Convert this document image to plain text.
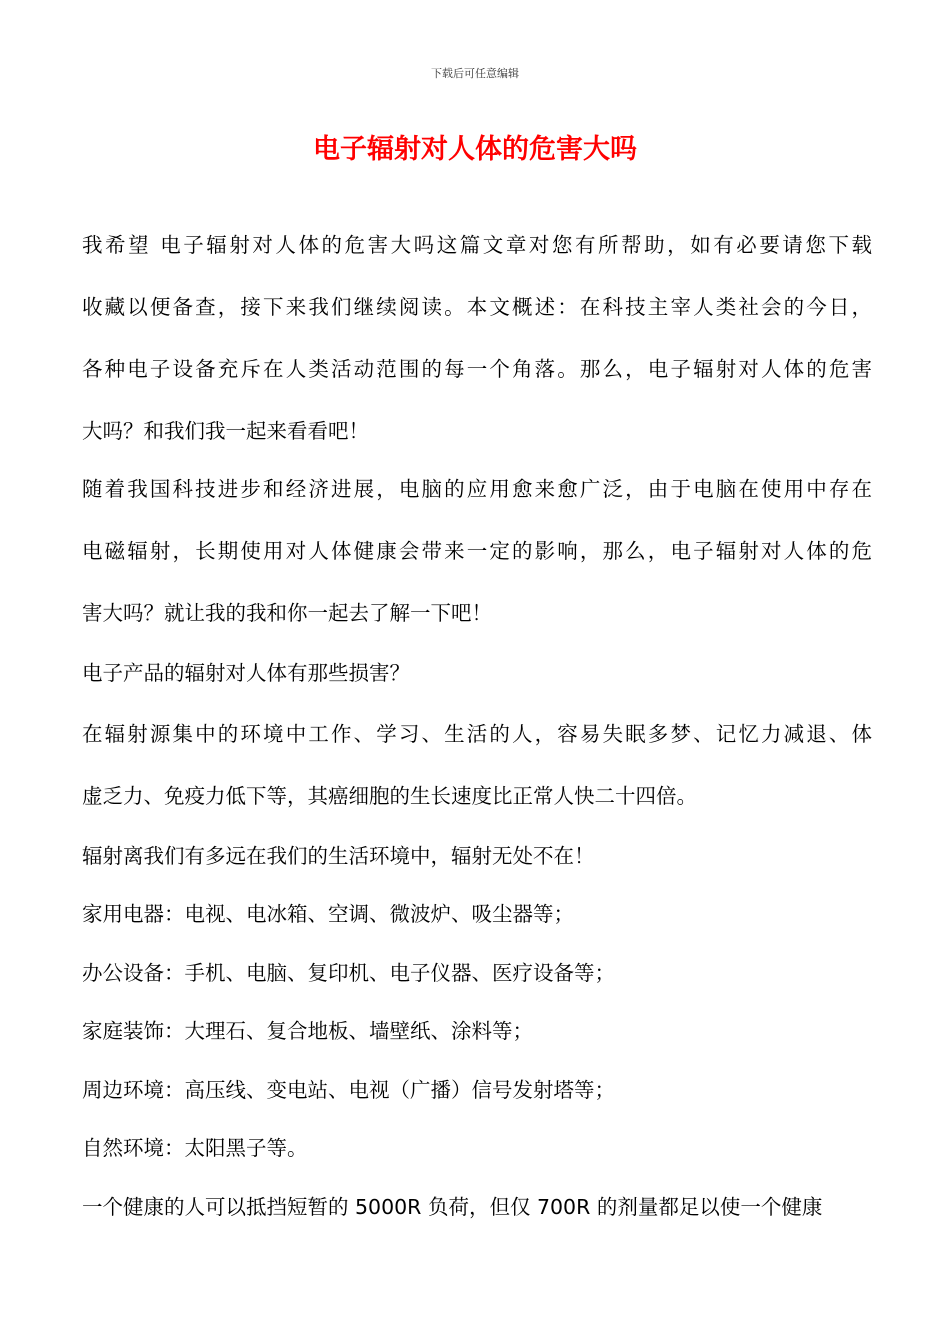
下载后可任意编辑
电子辐射对人体的危害大吗
我希望 电子辐射对人体的危害大吗这篇文章对您有所帮助，如有必要请您下载
收藏以便备查，接下来我们继续阅读。本文概述：在科技主宰人类社会的今日，
各种电子设备充斥在人类活动范围的每一个角落。那么，电子辐射对人体的危害
大吗？和我们我一起来看看吧！
随着我国科技进步和经济进展，电脑的应用愈来愈广泛，由于电脑在使用中存在
电磁辐射，长期使用对人体健康会带来一定的影响，那么，电子辐射对人体的危
害大吗？就让我的我和你一起去了解一下吧！
电子产品的辐射对人体有那些损害？
在辐射源集中的环境中工作、学习、生活的人，容易失眠多梦、记忆力减退、体
虚乏力、免疫力低下等，其癌细胞的生长速度比正常人快二十四倍。
辐射离我们有多远在我们的生活环境中，辐射无处不在！
家用电器：电视、电冰箱、空调、微波炉、吸尘器等；
办公设备：手机、电脑、复印机、电子仪器、医疗设备等；
家庭装饰：大理石、复合地板、墙壁纸、涂料等；
周边环境：高压线、变电站、电视（广播）信号发射塔等；
自然环境：太阳黑子等。
一个健康的人可以抵挡短暂的 5000R 负荷，但仅 700R 的剂量都足以使一个健康
